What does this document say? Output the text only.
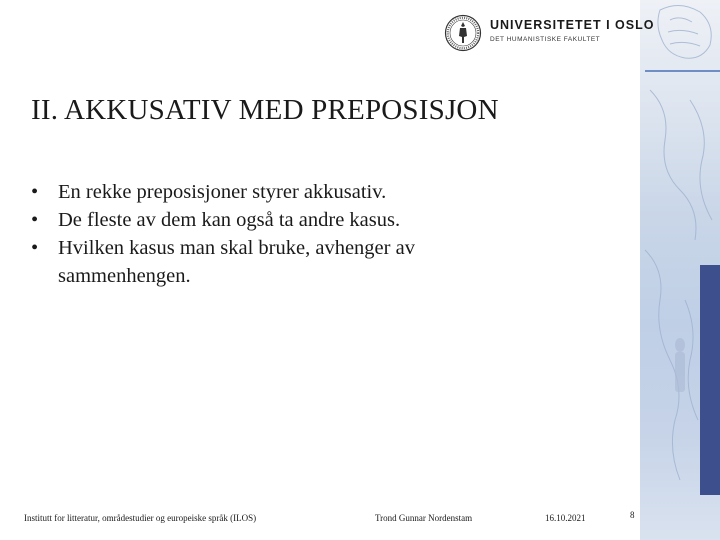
UNIVERSITETET I OSLO
DET HUMANISTISKE FAKULTET
II. AKKUSATIV MED PREPOSISJON
• En rekke preposisjoner styrer akkusativ.
• De fleste av dem kan også ta andre kasus.
• Hvilken kasus man skal bruke, avhenger av sammenhengen.
Institutt for litteratur, områdestudier og europeiske språk (ILOS)	Trond Gunnar Nordenstam	16.10.2021	8
